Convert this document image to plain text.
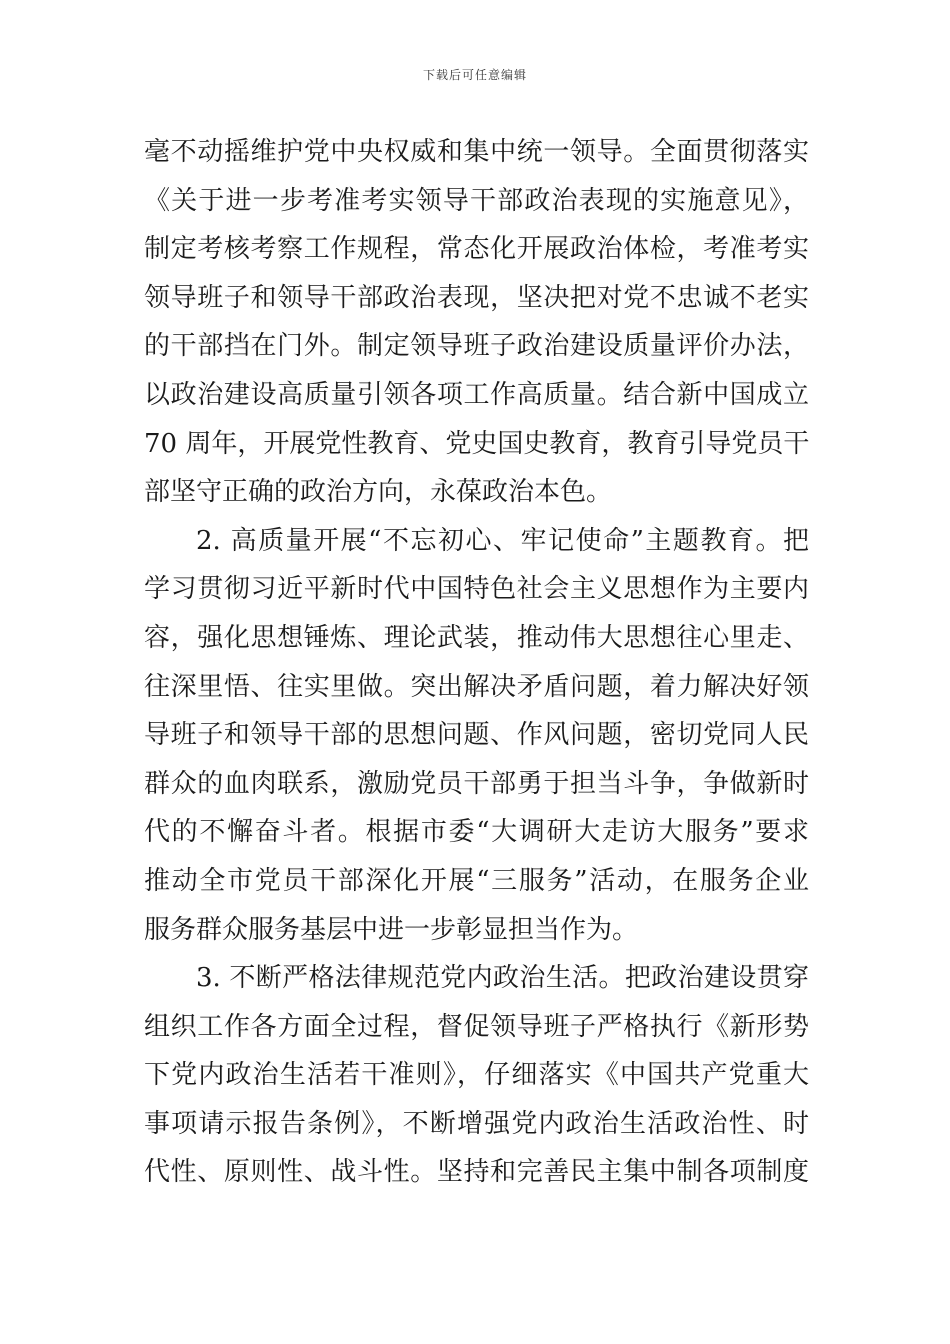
下载后可任意编辑
毫不动摇维护党中央权威和集中统一领导。全面贯彻落实
《关于进一步考准考实领导干部政治表现的实施意见》，
制定考核考察工作规程，常态化开展政治体检，考准考实
领导班子和领导干部政治表现，坚决把对党不忠诚不老实
的干部挡在门外。制定领导班子政治建设质量评价办法，
以政治建设高质量引领各项工作高质量。结合新中国成立
70 周年，开展党性教育、党史国史教育，教育引导党员干
部坚守正确的政治方向，永葆政治本色。
2. 高质量开展“不忘初心、牢记使命”主题教育。把
学习贯彻习近平新时代中国特色社会主义思想作为主要内
容，强化思想锤炼、理论武装，推动伟大思想往心里走、
往深里悟、往实里做。突出解决矛盾问题，着力解决好领
导班子和领导干部的思想问题、作风问题，密切党同人民
群众的血肉联系，激励党员干部勇于担当斗争，争做新时
代的不懈奋斗者。根据市委“大调研大走访大服务”要求
推动全市党员干部深化开展“三服务”活动，在服务企业
服务群众服务基层中进一步彰显担当作为。
3. 不断严格法律规范党内政治生活。把政治建设贯穿
组织工作各方面全过程，督促领导班子严格执行《新形势
下党内政治生活若干准则》，仔细落实《中国共产党重大
事项请示报告条例》，不断增强党内政治生活政治性、时
代性、原则性、战斗性。坚持和完善民主集中制各项制度
